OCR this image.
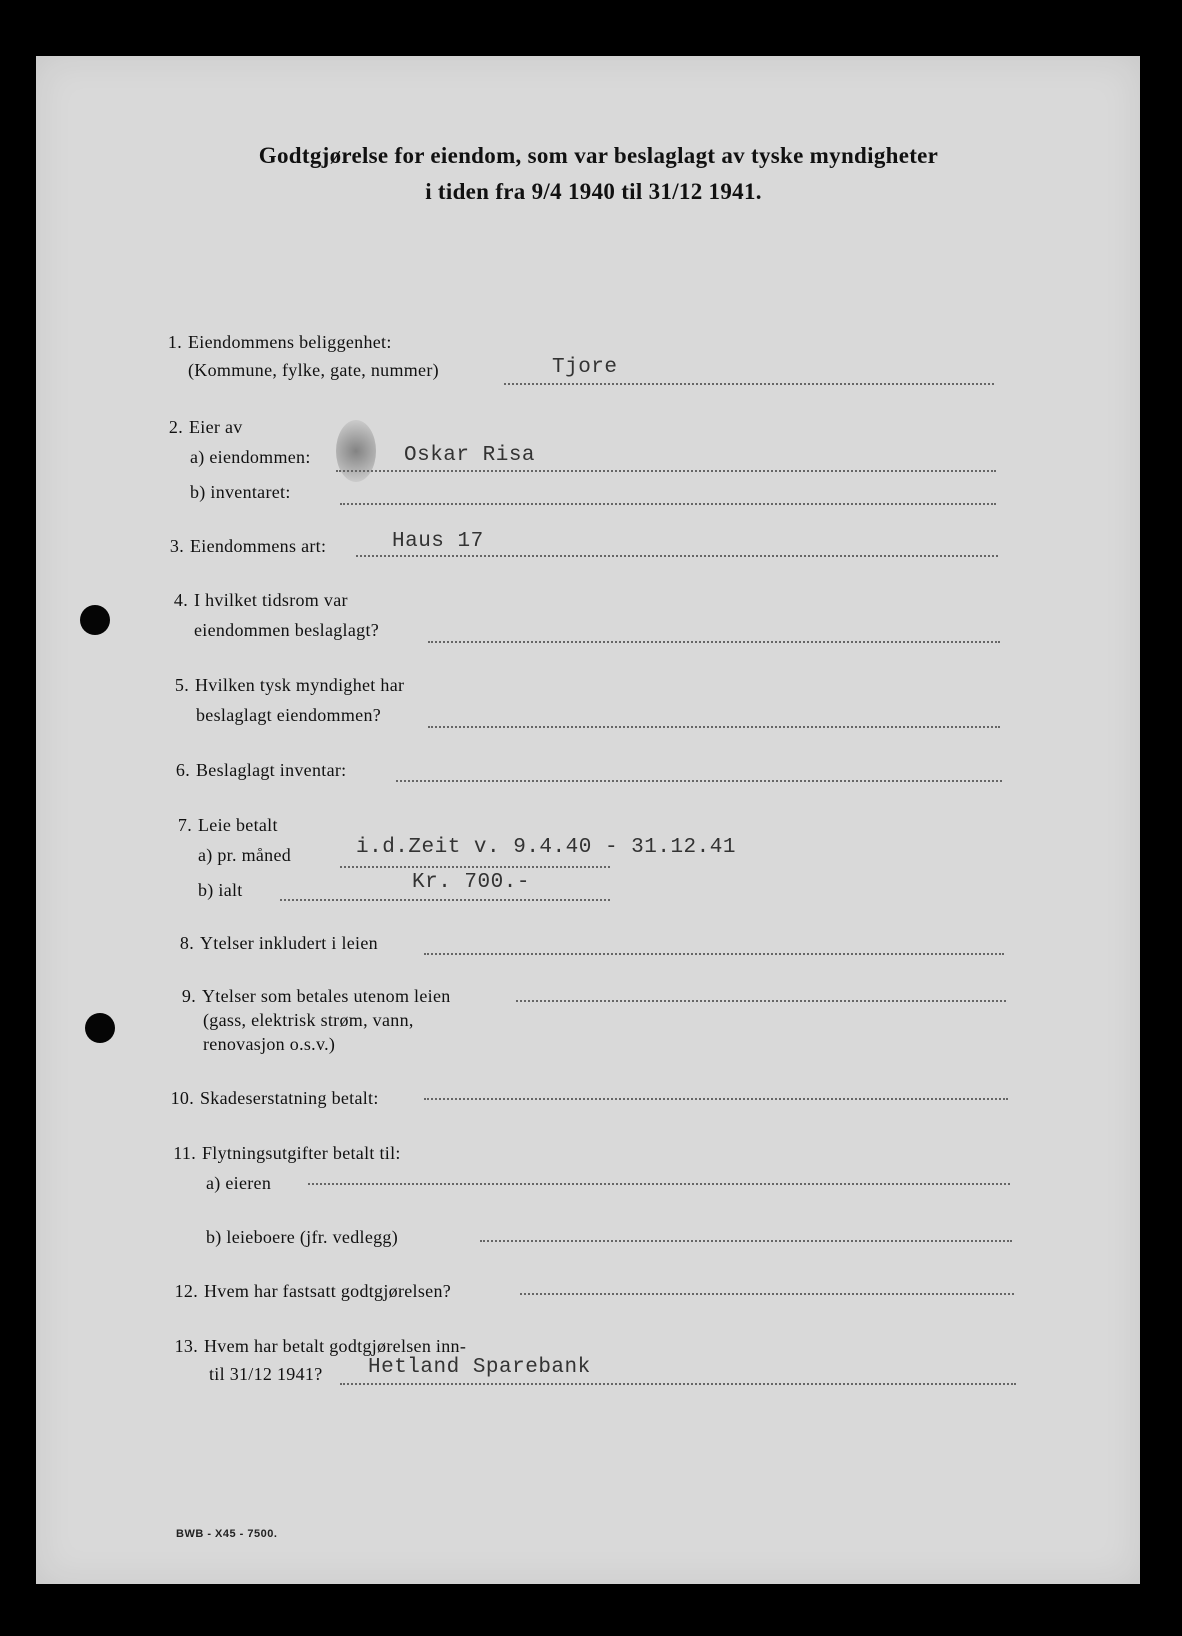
Godtgjørelse for eiendom, som var beslaglagt av tyske myndigheter
i tiden fra 9/4 1940 til 31/12 1941.
1. Eiendommens beliggenhet:
(Kommune, fylke, gate, nummer)	Tjore
2. Eier av
a) eiendommen:	Oskar Risa
b) inventaret:
3. Eiendommens art:	Haus 17
4. I hvilket tidsrom var
eiendommen beslaglagt?
5. Hvilken tysk myndighet har
beslaglagt eiendommen?
6. Beslaglagt inventar:
7. Leie betalt
a) pr. måned	i.d.Zeit v. 9.4.40 - 31.12.41
b) ialt	Kr. 700.-
8. Ytelser inkludert i leien
9. Ytelser som betales utenom leien
(gass, elektrisk strøm, vann,
renovasjon o.s.v.)
10. Skadeserstatning betalt:
11. Flytningsutgifter betalt til:
a) eieren
b) leieboere (jfr. vedlegg)
12. Hvem har fastsatt godtgjørelsen?
13. Hvem har betalt godtgjørelsen inn-
til 31/12 1941? Hetland Sparebank
BWB - X45 - 7500.
